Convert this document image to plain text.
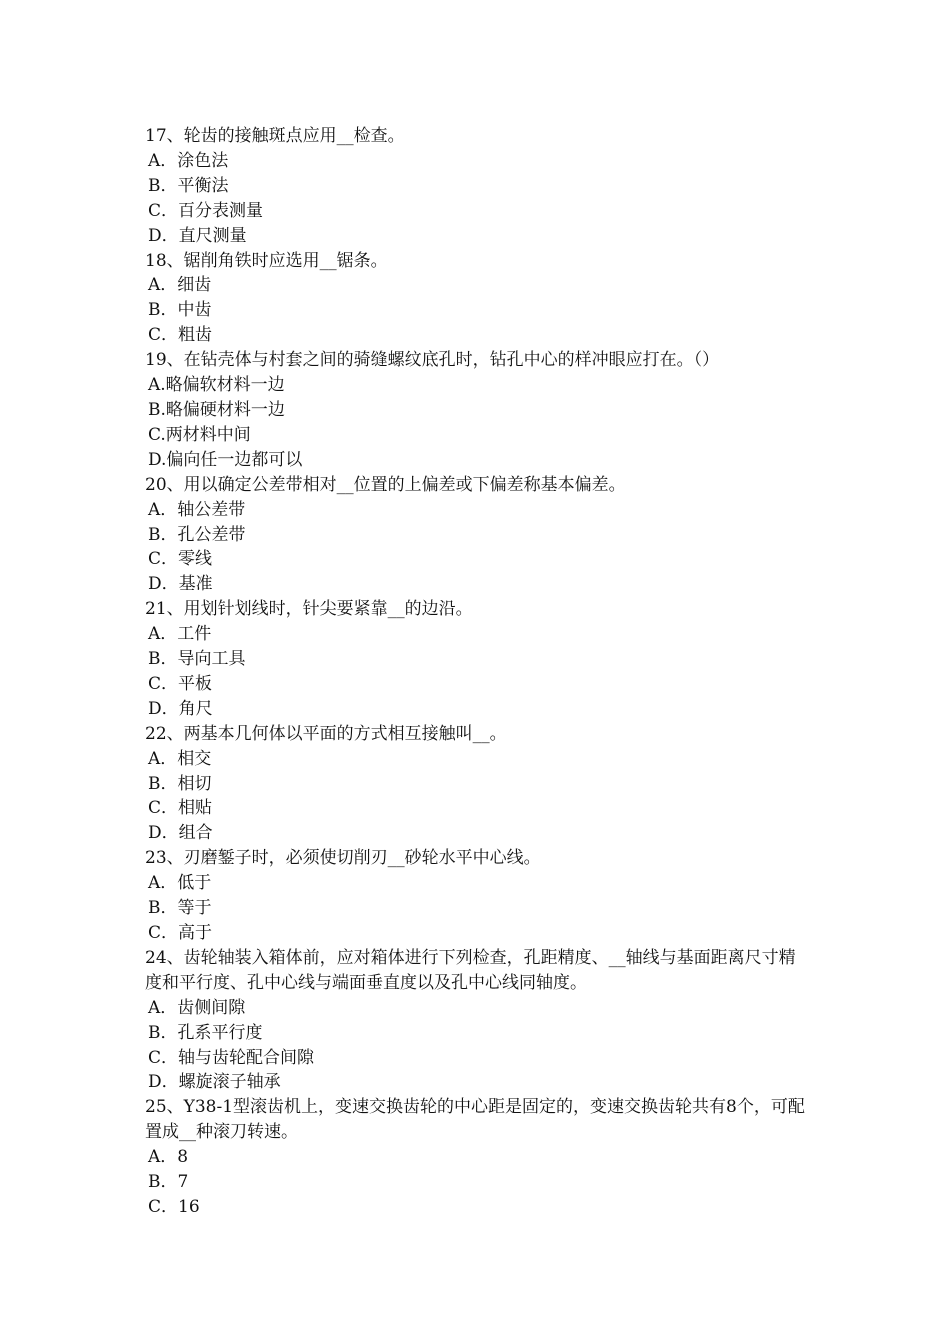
17、轮齿的接触斑点应用__检查。

A．涂色法

B．平衡法

C．百分表测量

D．直尺测量

18、锯削角铁时应选用__锯条。

A．细齿

B．中齿

C．粗齿

19、在钻壳体与村套之间的骑缝螺纹底孔时，钻孔中心的样冲眼应打在。（）

A.略偏软材料一边

B.略偏硬材料一边

C.两材料中间

D.偏向任一边都可以

20、用以确定公差带相对__位置的上偏差或下偏差称基本偏差。

A．轴公差带

B．孔公差带

C．零线

D．基准

21、用划针划线时，针尖要紧靠__的边沿。

A．工件

B．导向工具

C．平板

D．角尺

22、两基本几何体以平面的方式相互接触叫__。

A．相交

B．相切

C．相贴

D．组合

23、刃磨錾子时，必须使切削刃__砂轮水平中心线。

A．低于

B．等于

C．高于

24、齿轮轴装入箱体前，应对箱体进行下列检查，孔距精度、__轴线与基面距离尺寸精度和平行度、孔中心线与端面垂直度以及孔中心线同轴度。

A．齿侧间隙

B．孔系平行度

C．轴与齿轮配合间隙

D．螺旋滚子轴承

25、Y38-1型滚齿机上，变速交换齿轮的中心距是固定的，变速交换齿轮共有8个，可配置成__种滚刀转速。

A．8

B．7

C．16
